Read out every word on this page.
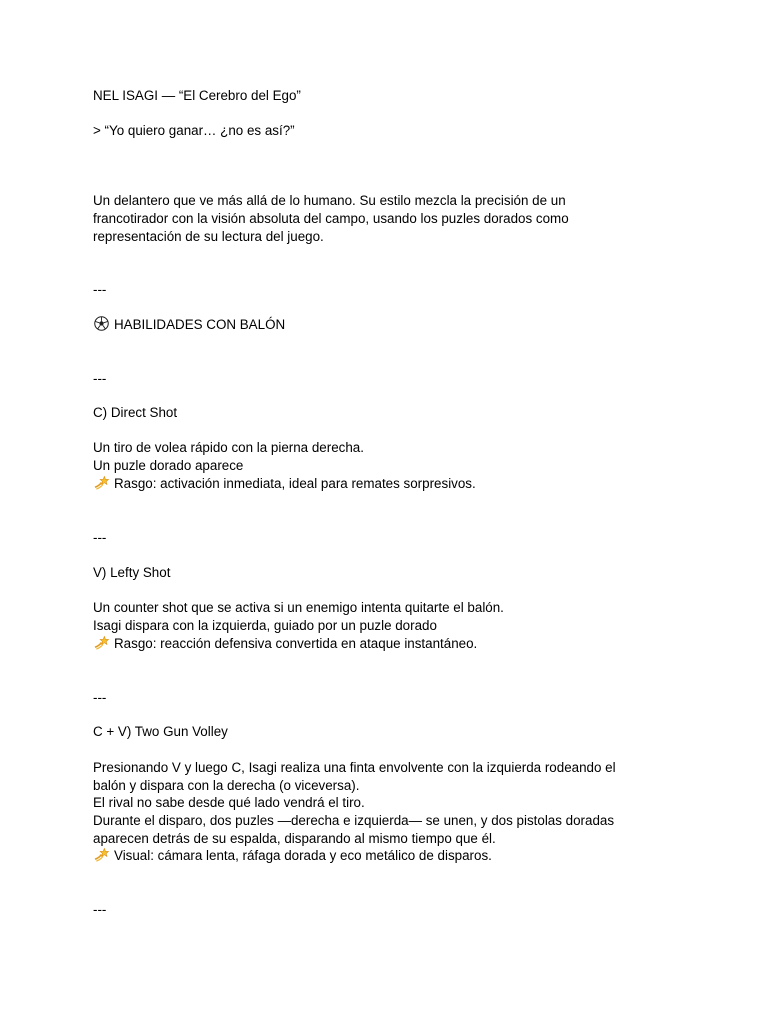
NEL ISAGI — “El Cerebro del Ego”
> “Yo quiero ganar… ¿no es así?”
Un delantero que ve más allá de lo humano. Su estilo mezcla la precisión de un
francotirador con la visión absoluta del campo, usando los puzles dorados como
representación de su lectura del juego.
---
HABILIDADES CON BALÓN
---
C) Direct Shot
Un tiro de volea rápido con la pierna derecha.
Un puzle dorado aparece
Rasgo: activación inmediata, ideal para remates sorpresivos.
---
V) Lefty Shot
Un counter shot que se activa si un enemigo intenta quitarte el balón.
Isagi dispara con la izquierda, guiado por un puzle dorado
Rasgo: reacción defensiva convertida en ataque instantáneo.
---
C + V) Two Gun Volley
Presionando V y luego C, Isagi realiza una finta envolvente con la izquierda rodeando el
balón y dispara con la derecha (o viceversa).
El rival no sabe desde qué lado vendrá el tiro.
Durante el disparo, dos puzles —derecha e izquierda— se unen, y dos pistolas doradas
aparecen detrás de su espalda, disparando al mismo tiempo que él.
Visual: cámara lenta, ráfaga dorada y eco metálico de disparos.
---
